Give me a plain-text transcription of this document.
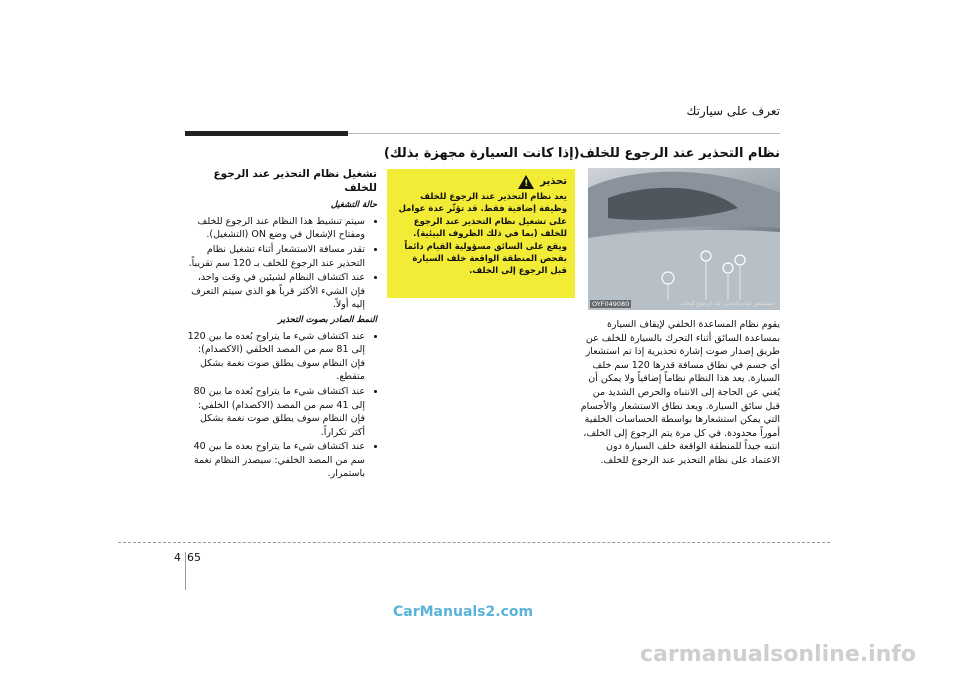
تعرف على سيارتك
نظام التحذير عند الرجوع للخلف(إذا كانت السيارة مجهزة بذلك)
OYF049080	مستشعر نظام التحذير عند الرجوع للخلف
يقوم نظام المساعدة الخلفي لإيقاف السيارة بمساعدة السائق أثناء التحرك بالسيارة للخلف عن طريق إصدار صوت إشارة تحذيرية إذا تم استشعار أي جسم في نطاق مسافة قدرها 120 سم خلف السيارة. يعد هذا النظام نظاماً إضافياً ولا يمكن أن يُغني عن الحاجة إلى الانتباه والحرص الشديد من قبل سائق السيارة. ويعد نطاق الاستشعار والأجسام التي يمكن استشعارها بواسطة الحساسات الخلفية أموراً محدودة. في كل مرة يتم الرجوع إلى الخلف، انتبه جيداً للمنطقة الواقعة خلف السيارة دون الاعتماد على نظام التحذير عند الرجوع للخلف.
تحذير
!
يعد نظام التحذير عند الرجوع للخلف وظيفة إضافية فقط. قد تؤثّر عدة عوامل على تشغيل نظام التحذير عند الرجوع للخلف (بما في ذلك الظروف البيئية). ويقع على السائق مسؤولية القيام دائماً بفحص المنطقة الواقعة خلف السيارة قبل الرجوع إلى الخلف.
تشغيل نظام التحذير عند الرجوع للخلف
حالة التشغيل
• سيتم تنشيط هذا النظام عند الرجوع للخلف ومفتاح الإشعال في وضع ON (التشغيل).
• تقدر مسافة الاستشعار أثناء تشغيل نظام التحذير عند الرجوع للخلف بـ 120 سم تقريباً.
• عند اكتشاف النظام لشيئين في وقت واحد، فإن الشيء الأكثر قرباً هو الذي سيتم التعرف إليه أولاً.
النمط الصادر بصوت التحذير
• عند اكتشاف شيء ما يتراوح بُعده ما بين 120 إلى 81 سم من المصد الخلفي (الاكصدام): فإن النظام سوف يطلق صوت نغمة بشكل متقطع.
• عند اكتشاف شيء ما يتراوح بُعده ما بين 80 إلى 41 سم من المصد (الاكصدام) الخلفي: فإن النظام سوف يطلق صوت نغمة بشكل أكثر تكراراً.
• عند اكتشاف شيء ما يتراوح بعده ما بين 40 سم من المصد الخلفي: سيصدر النظام نغمة باستمرار.
4 65
CarManuals2.com
carmanualsonline.info
